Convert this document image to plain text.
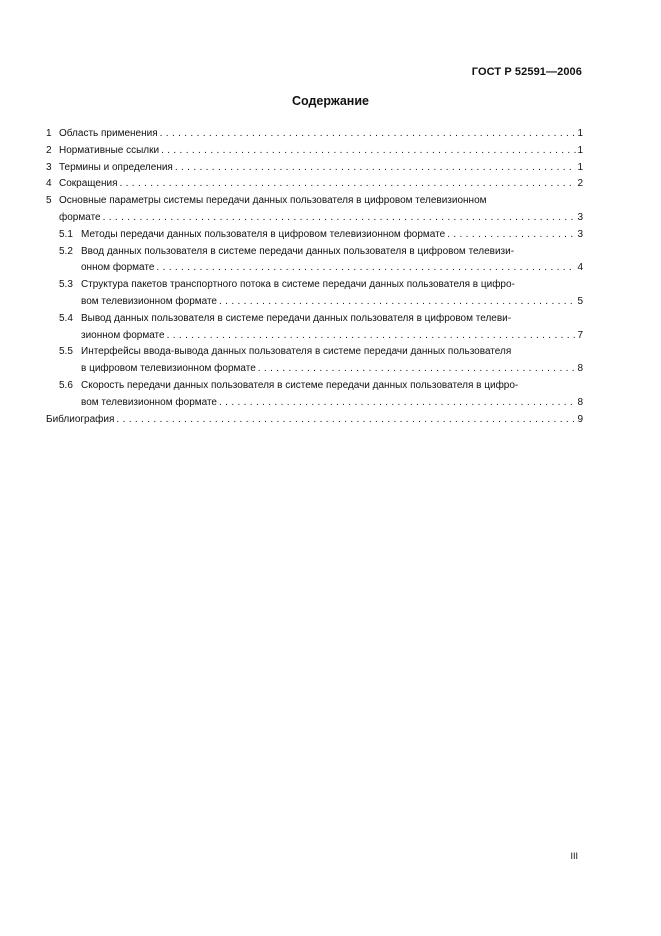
ГОСТ Р 52591—2006
Содержание
1 Область применения . . .	1
2 Нормативные ссылки . . .	1
3 Термины и определения . . .	1
4 Сокращения . . .	2
5 Основные параметры системы передачи данных пользователя в цифровом телевизионном
формате . . .	3
5.1 Методы передачи данных пользователя в цифровом телевизионном формате . . .	3
5.2 Ввод данных пользователя в системе передачи данных пользователя в цифровом телевизи-
онном формате . . .	4
5.3 Структура пакетов транспортного потока в системе передачи данных пользователя в цифро-
вом телевизионном формате . . .	5
5.4 Вывод данных пользователя в системе передачи данных пользователя в цифровом телеви-
зионном формате . . .	7
5.5 Интерфейсы ввода-вывода данных пользователя в системе передачи данных пользователя
в цифровом телевизионном формате . . .	8
5.6 Скорость передачи данных пользователя в системе передачи данных пользователя в цифро-
вом телевизионном формате . . .	8
Библиография . . .	9
III
